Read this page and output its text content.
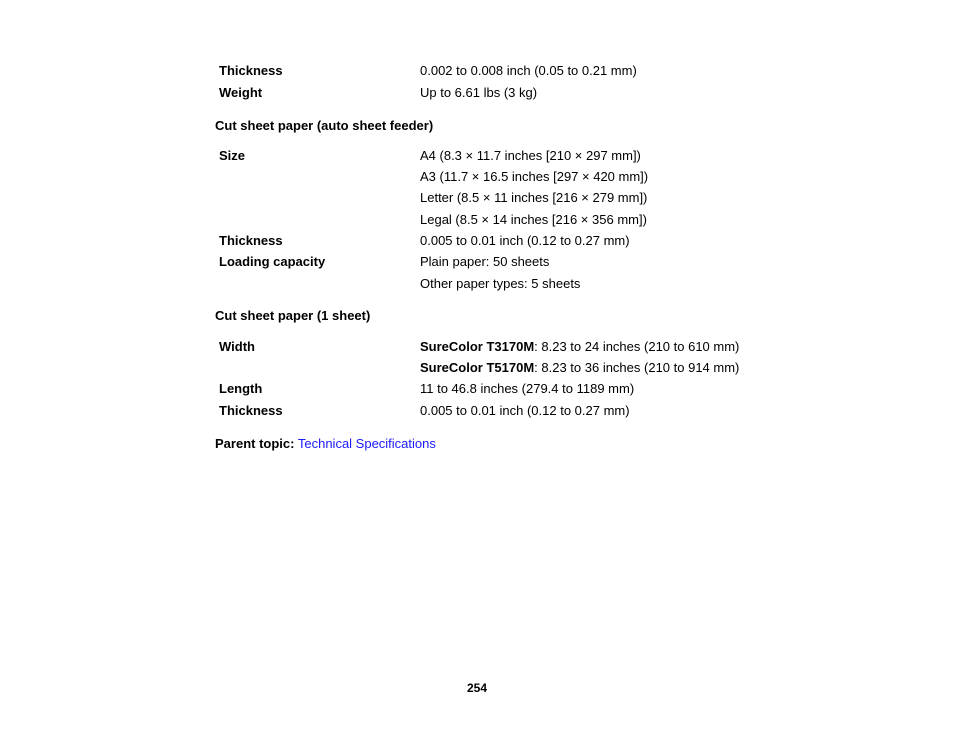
Thickness	0.002 to 0.008 inch (0.05 to 0.21 mm)
Weight	Up to 6.61 lbs (3 kg)
Cut sheet paper (auto sheet feeder)
Size	A4 (8.3 × 11.7 inches [210 × 297 mm])
A3 (11.7 × 16.5 inches [297 × 420 mm])
Letter (8.5 × 11 inches [216 × 279 mm])
Legal (8.5 × 14 inches [216 × 356 mm])
Thickness	0.005 to 0.01 inch (0.12 to 0.27 mm)
Loading capacity	Plain paper: 50 sheets
Other paper types: 5 sheets
Cut sheet paper (1 sheet)
Width	SureColor T3170M: 8.23 to 24 inches (210 to 610 mm)
SureColor T5170M: 8.23 to 36 inches (210 to 914 mm)
Length	11 to 46.8 inches (279.4 to 1189 mm)
Thickness	0.005 to 0.01 inch (0.12 to 0.27 mm)
Parent topic: Technical Specifications
254
